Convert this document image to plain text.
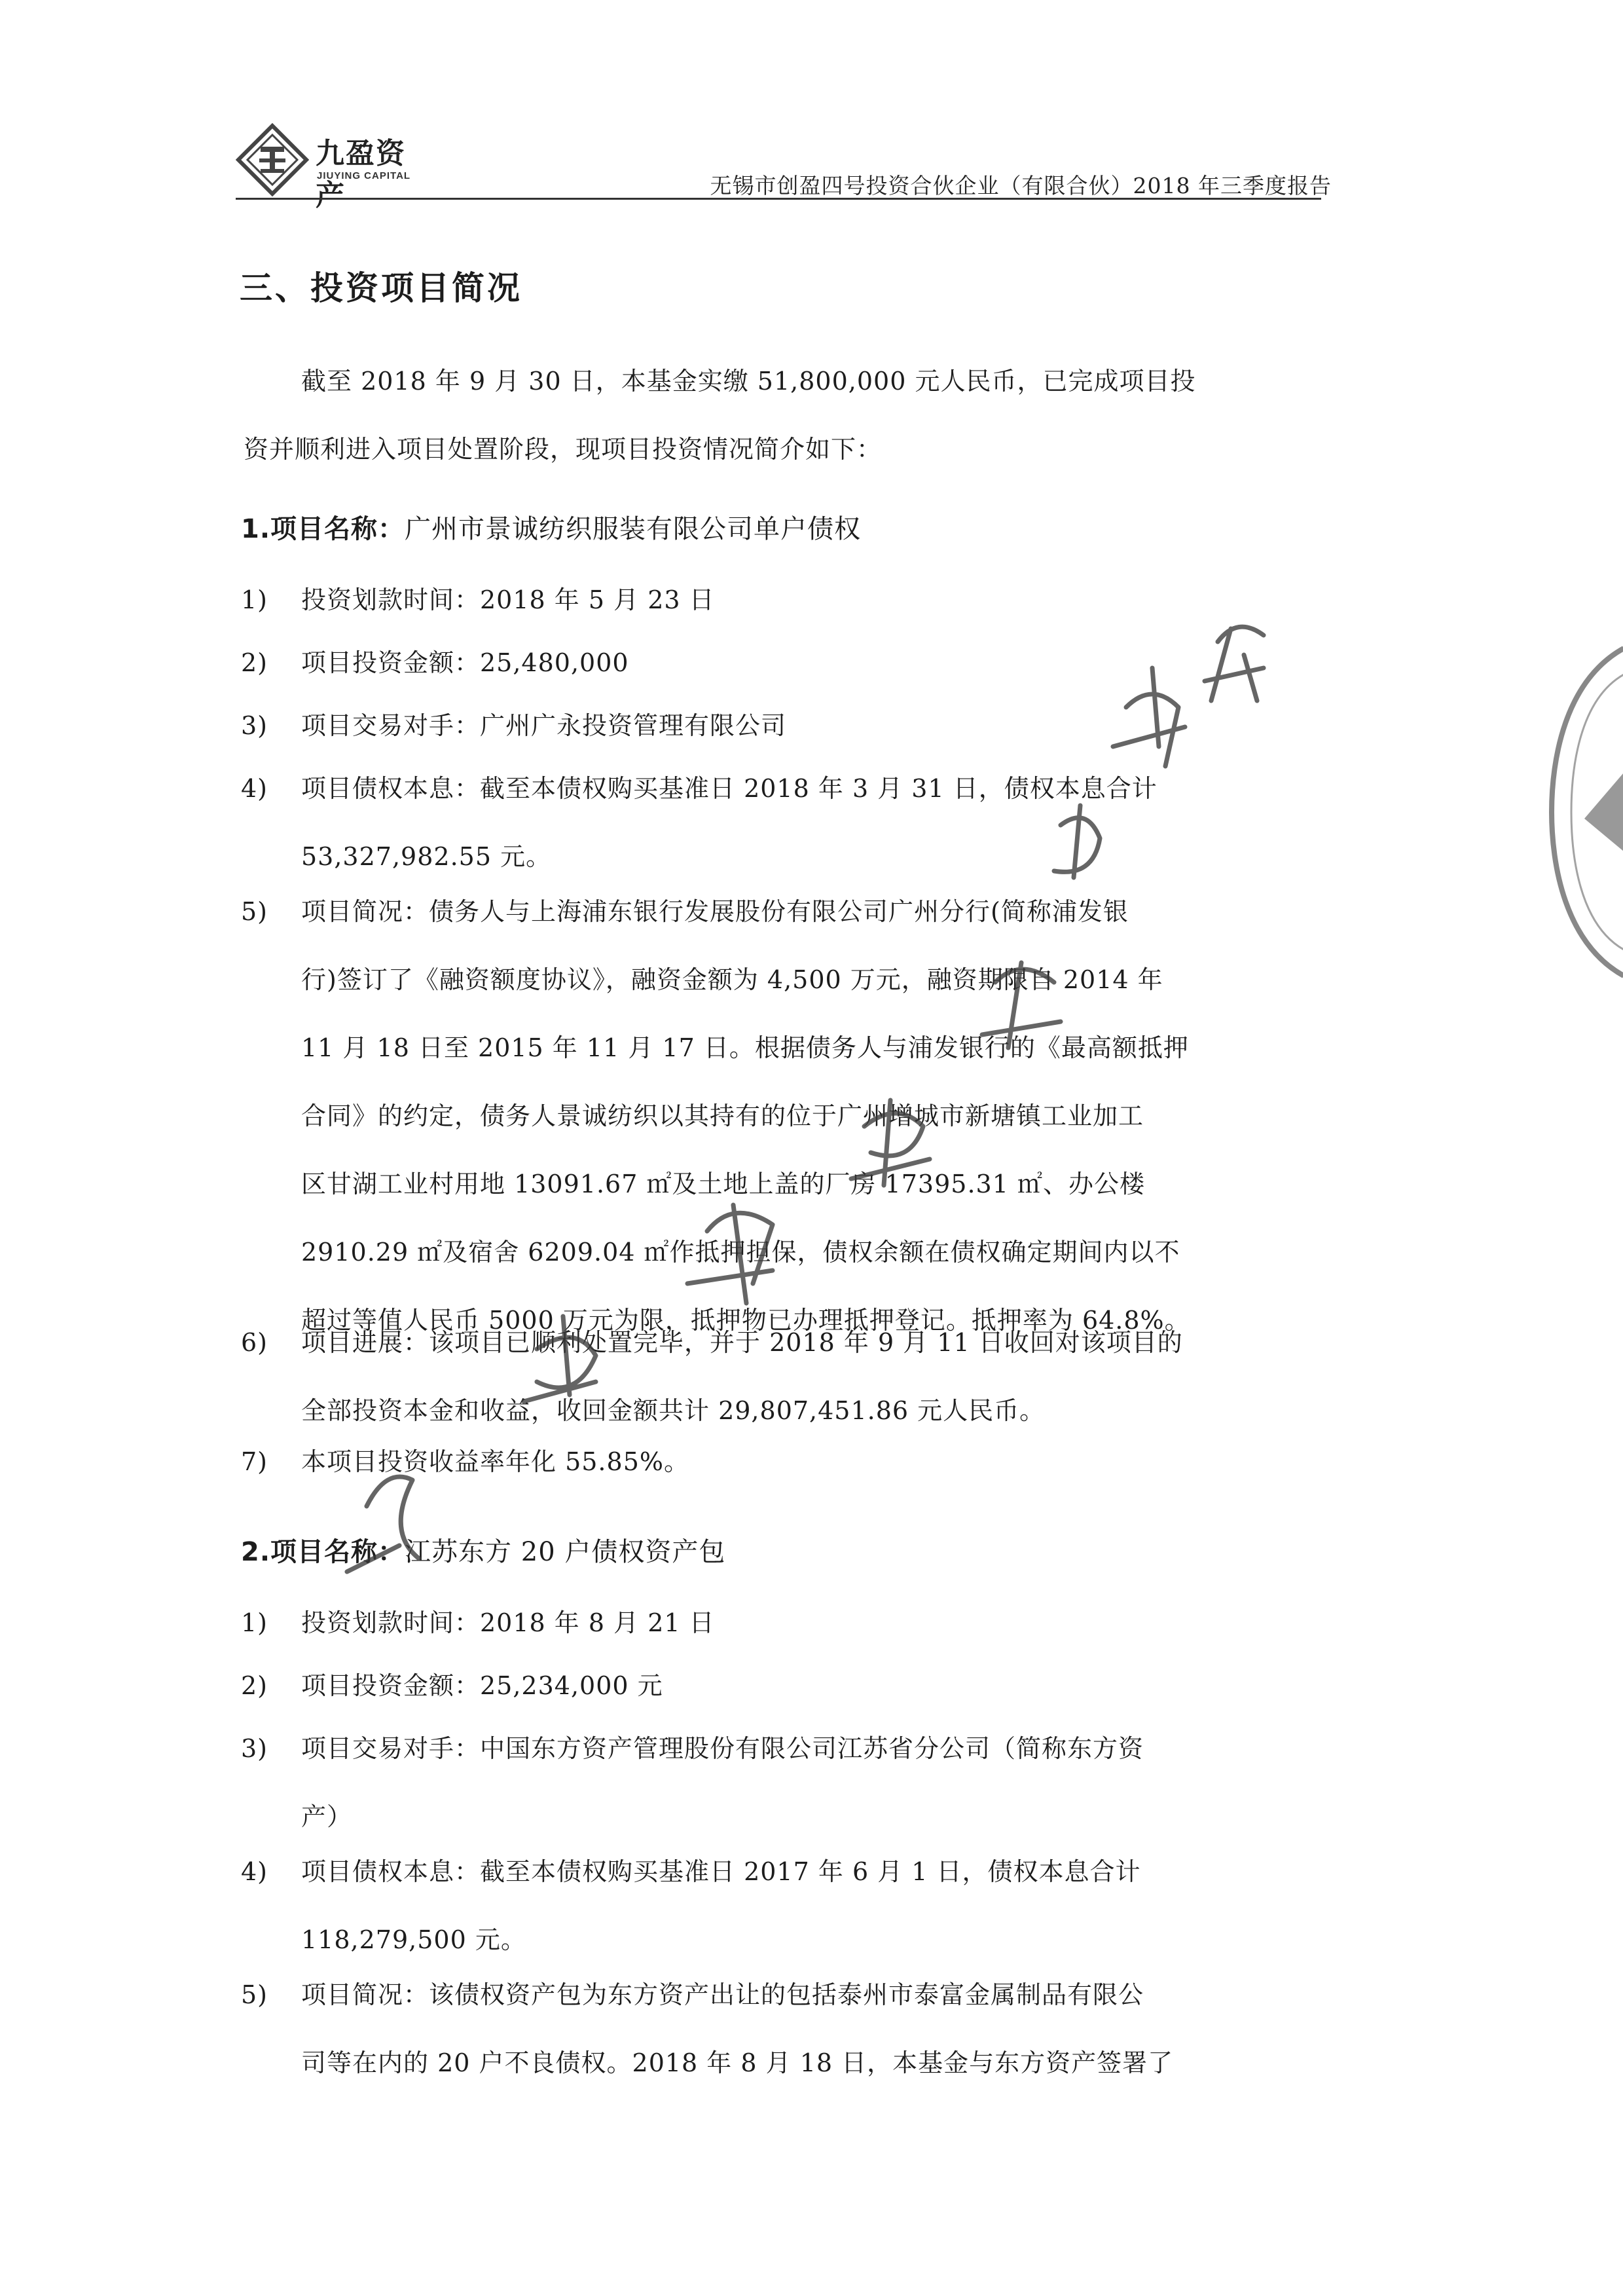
九盈资产
JIUYING CAPITAL	无锡市创盈四号投资合伙企业（有限合伙）2018 年三季度报告
三、投资项目简况
截至 2018 年 9 月 30 日，本基金实缴 51,800,000 元人民币，已完成项目投
资并顺利进入项目处置阶段，现项目投资情况简介如下：
1.项目名称：广州市景诚纺织服装有限公司单户债权
1)	投资划款时间：2018 年 5 月 23 日
2)	项目投资金额：25,480,000
3)	项目交易对手：广州广永投资管理有限公司
4)	项目债权本息：截至本债权购买基准日 2018 年 3 月 31 日，债权本息合计
53,327,982.55 元。
5)	项目简况：债务人与上海浦东银行发展股份有限公司广州分行(简称浦发银
行)签订了《融资额度协议》，融资金额为 4,500 万元，融资期限自 2014 年
11 月 18 日至 2015 年 11 月 17 日。根据债务人与浦发银行的《最高额抵押
合同》的约定，债务人景诚纺织以其持有的位于广州增城市新塘镇工业加工
区甘湖工业村用地 13091.67 ㎡及土地上盖的厂房 17395.31 ㎡、办公楼
2910.29 ㎡及宿舍 6209.04 ㎡作抵押担保，债权余额在债权确定期间内以不
超过等值人民币 5000 万元为限，抵押物已办理抵押登记。抵押率为 64.8%。
6)	项目进展：该项目已顺利处置完毕，并于 2018 年 9 月 11 日收回对该项目的
全部投资本金和收益，收回金额共计 29,807,451.86 元人民币。
7)	本项目投资收益率年化 55.85%。
2.项目名称：江苏东方 20 户债权资产包
1)	投资划款时间：2018 年 8 月 21 日
2)	项目投资金额：25,234,000 元
3)	项目交易对手：中国东方资产管理股份有限公司江苏省分公司（简称东方资
产）
4)	项目债权本息：截至本债权购买基准日 2017 年 6 月 1 日，债权本息合计
118,279,500 元。
5)	项目简况：该债权资产包为东方资产出让的包括泰州市泰富金属制品有限公
司等在内的 20 户不良债权。2018 年 8 月 18 日，本基金与东方资产签署了
